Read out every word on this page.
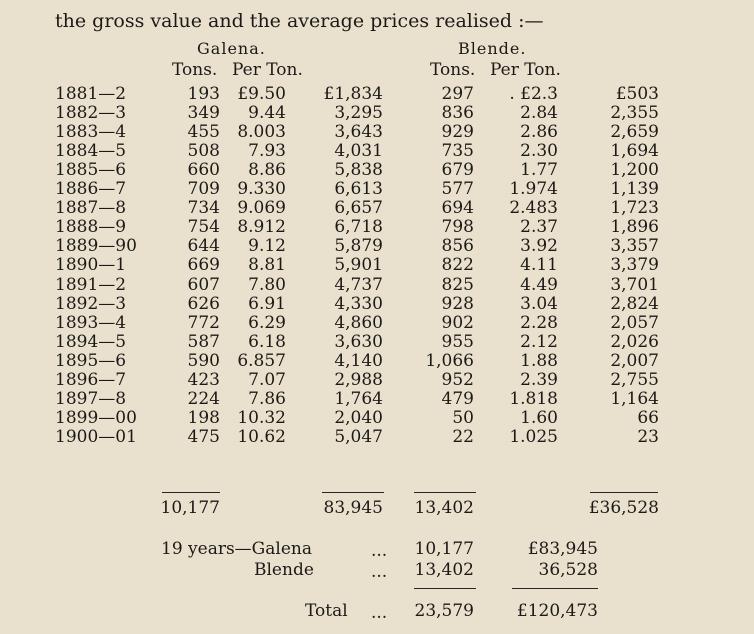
the gross value and the average prices realised :—
Galena.	Blende.
Tons. Per Ton.	Tons. Per Ton.
1881—2	193 £9.50 £1,834	297 . £2.3	£503
1882—3	349 9.44	3,295	836	2.84	2,355
1883—4	455 8.003	3,643	929	2.86	2,659
1884—5	508 7.93	4,031	735	2.30	1,694
1885—6	660 8.86	5,838	679	1.77	1,200
1886—7	709 9.330	6,613	577 1.974	1,139
1887—8	734 9.069	6,657	694 2.483	1,723
1888—9	754 8.912	6,718	798	2.37	1,896
1889—90	644 9.12	5,879	856	3.92	3,357
1890—1	669 8.81	5,901	822	4.11	3,379
1891—2	607 7.80	4,737	825	4.49	3,701
1892—3	626 6.91	4,330	928	3.04	2,824
1893—4	772 6.29	4,860	902	2.28	2,057
1894—5	587 6.18	3,630	955	2.12	2,026
1895—6	590 6.857	4,140 1,066	1.88	2,007
1896—7	423 7.07	2,988	952	2.39	2,755
1897—8	224 7.86	1,764	479 1.818	1,164
1899—00	198 10.32	2,040	50	1.60	66
1900—01	475 10.62	5,047	22 1.025	23
10,177	83,945 13,402	£36,528
19 years—Galena	... 10,177	£83,945
Blende	... 13,402	36,528
Total ... 23,579	£120,473
